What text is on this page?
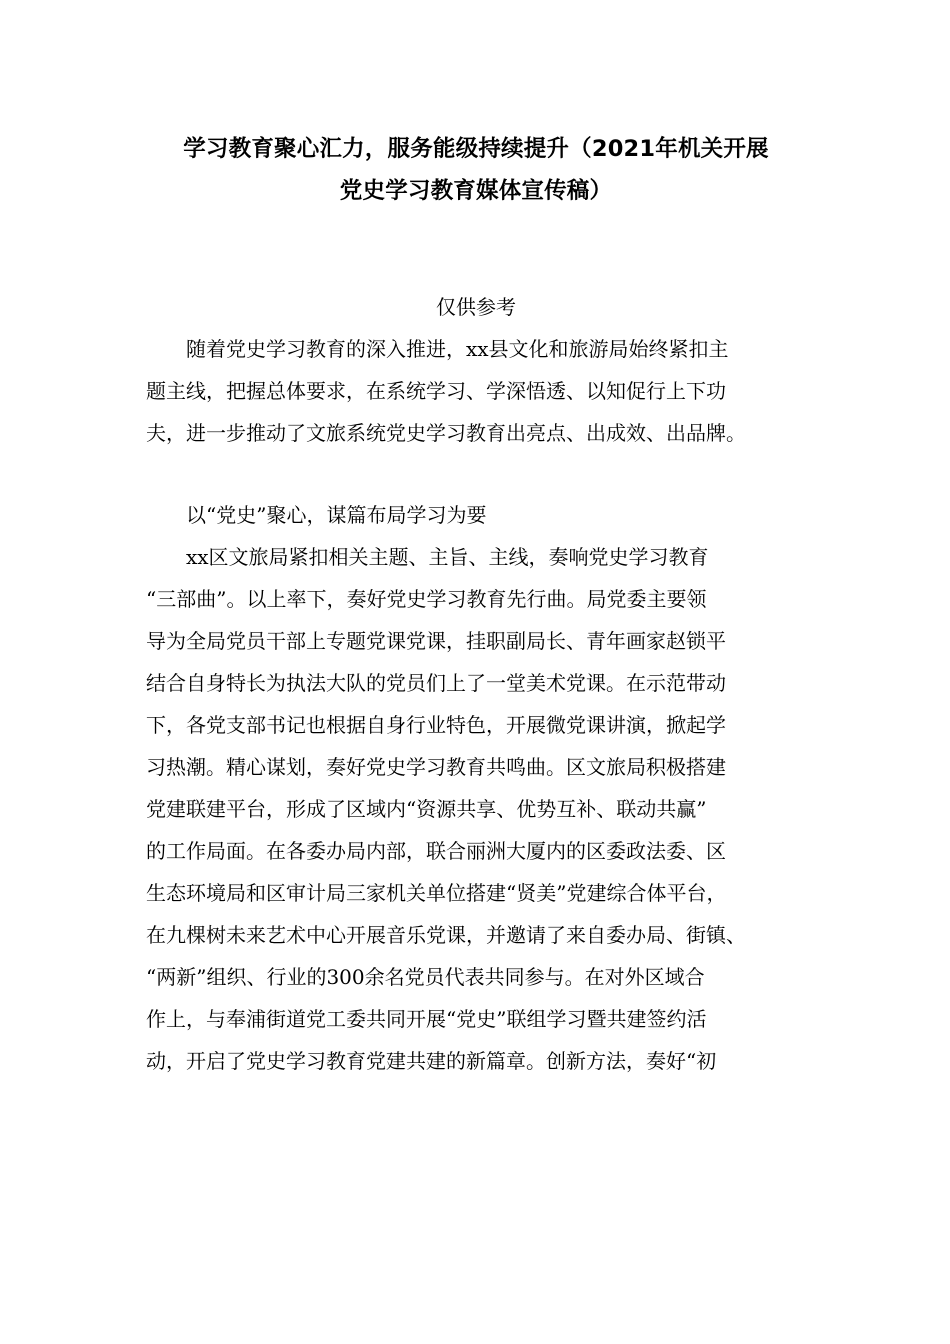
学习教育聚心汇力，服务能级持续提升（2021年机关开展
党史学习教育媒体宣传稿）

仅供参考

随着党史学习教育的深入推进，xx县文化和旅游局始终紧扣主
题主线，把握总体要求，在系统学习、学深悟透、以知促行上下功
夫，进一步推动了文旅系统党史学习教育出亮点、出成效、出品牌。

以“党史”聚心，谋篇布局学习为要

xx区文旅局紧扣相关主题、主旨、主线，奏响党史学习教育
“三部曲”。以上率下，奏好党史学习教育先行曲。局党委主要领
导为全局党员干部上专题党课党课，挂职副局长、青年画家赵锁平
结合自身特长为执法大队的党员们上了一堂美术党课。在示范带动
下，各党支部书记也根据自身行业特色，开展微党课讲演，掀起学
习热潮。精心谋划，奏好党史学习教育共鸣曲。区文旅局积极搭建
党建联建平台，形成了区域内“资源共享、优势互补、联动共赢”
的工作局面。在各委办局内部，联合丽洲大厦内的区委政法委、区
生态环境局和区审计局三家机关单位搭建“贤美”党建综合体平台，
在九棵树未来艺术中心开展音乐党课，并邀请了来自委办局、街镇、
“两新”组织、行业的300余名党员代表共同参与。在对外区域合
作上，与奉浦街道党工委共同开展“党史”联组学习暨共建签约活
动，开启了党史学习教育党建共建的新篇章。创新方法，奏好“初
